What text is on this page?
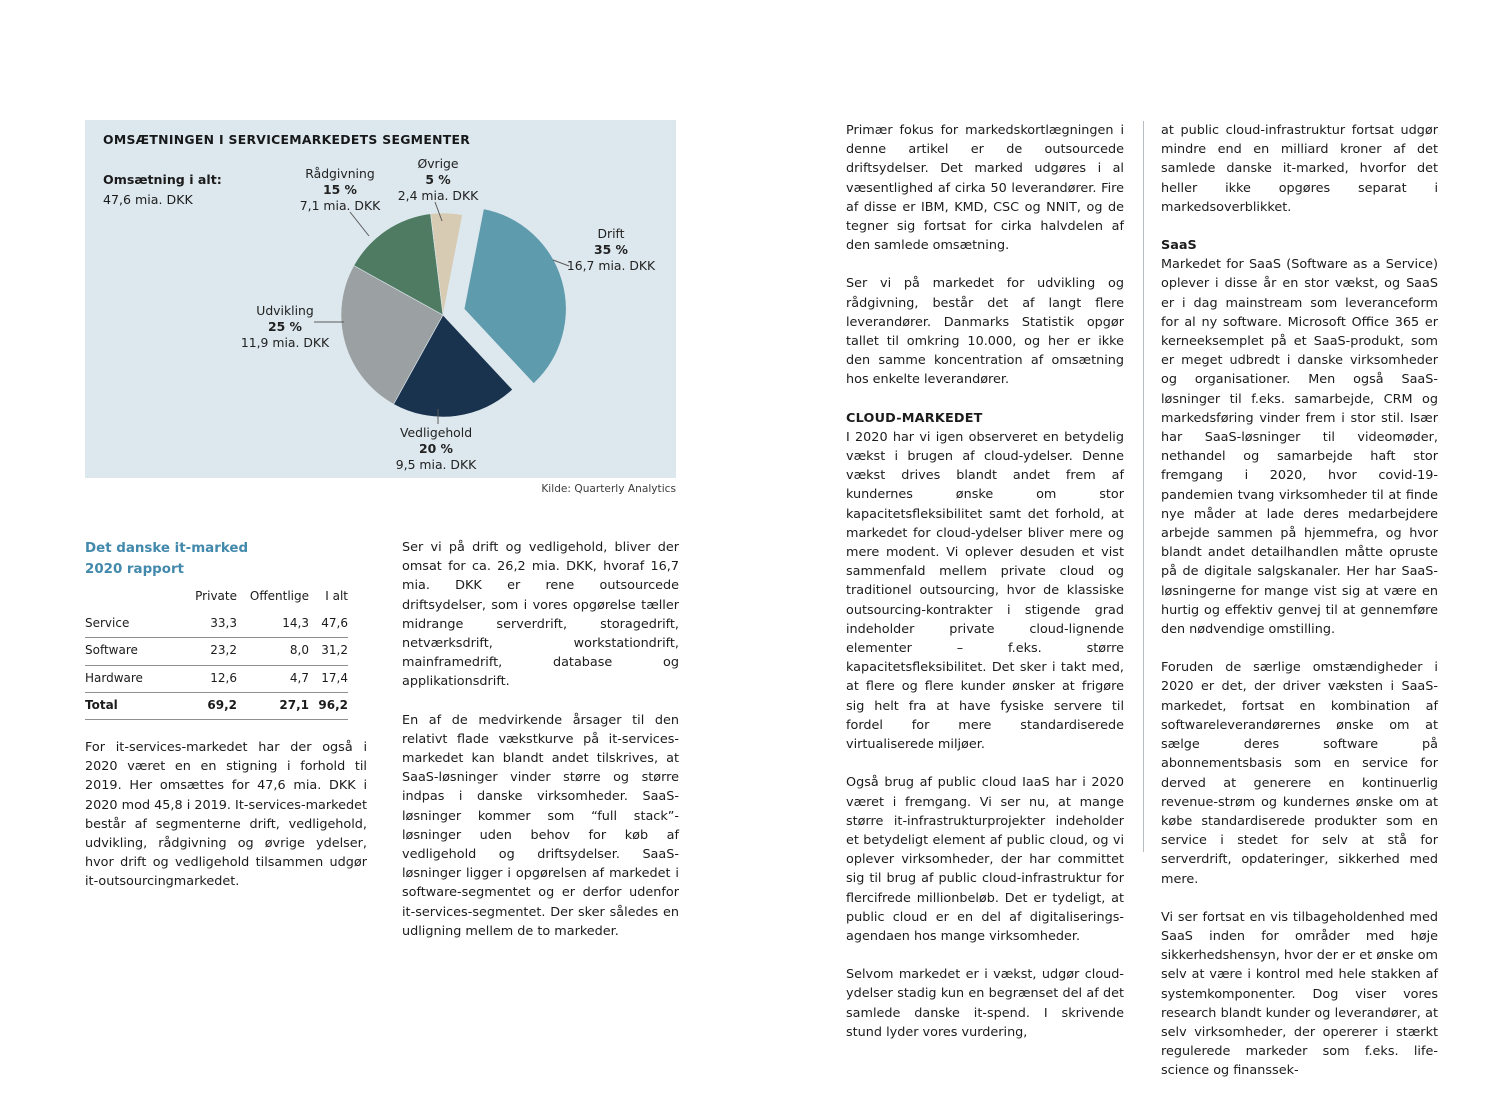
OMSÆTNINGEN I SERVICEMARKEDETS SEGMENTER
Omsætning i alt:
47,6 mia. DKK
Drift
35 %
16,7 mia. DKK
Vedligehold
20 %
9,5 mia. DKK
Udvikling
25 %
11,9 mia. DKK
Rådgivning
15 %
7,1 mia. DKK
Øvrige
5 %
2,4 mia. DKK
Kilde: Quarterly Analytics
Det danske it-marked
2020 rapport
	Private	Offentlige	I alt
Service	33,3	14,3	47,6
Software	23,2	8,0	31,2
Hardware	12,6	4,7	17,4
Total	69,2	27,1	96,2

For it-services-markedet har der også i 2020 været en en stigning i forhold til 2019. Her omsættes for 47,6 mia. DKK i 2020 mod 45,8 i 2019. It-services-markedet består af segmenterne drift, vedligehold, udvikling, rådgivning og øvrige ydelser, hvor drift og vedligehold tilsammen udgør it-outsourcingmarkedet.

Ser vi på drift og vedligehold, bliver der omsat for ca. 26,2 mia. DKK, hvoraf 16,7 mia. DKK er rene outsourcede driftsydelser, som i vores opgørelse tæller midrange serverdrift, storagedrift, netværksdrift, workstationdrift, mainframedrift, database og applikationsdrift.

En af de medvirkende årsager til den relativt flade vækstkurve på it-services-markedet kan blandt andet tilskrives, at SaaS-løsninger vinder større og større indpas i danske virksomheder. SaaS-løsninger kommer som “full stack”-løsninger uden behov for køb af vedligehold og driftsydelser. SaaS-løsninger ligger i opgørelsen af markedet i software-segmentet og er derfor udenfor it-services-segmentet. Der sker således en udligning mellem de to markeder.

Primær fokus for markedskortlægningen i denne artikel er de outsourcede driftsydelser. Det marked udgøres i al væsentlighed af cirka 50 leverandører. Fire af disse er IBM, KMD, CSC og NNIT, og de tegner sig fortsat for cirka halvdelen af den samlede omsætning.

Ser vi på markedet for udvikling og rådgivning, består det af langt flere leverandører. Danmarks Statistik opgør tallet til omkring 10.000, og her er ikke den samme koncentration af omsætning hos enkelte leverandører.

CLOUD-MARKEDET

I 2020 har vi igen observeret en betydelig vækst i brugen af cloud-ydelser. Denne vækst drives blandt andet frem af kundernes ønske om stor kapacitetsfleksibilitet samt det forhold, at markedet for cloud-ydelser bliver mere og mere modent. Vi oplever desuden et vist sammenfald mellem private cloud og traditionel outsourcing, hvor de klassiske outsourcing-kontrakter i stigende grad indeholder private cloud-lignende elementer – f.eks. større kapacitetsfleksibilitet. Det sker i takt med, at flere og flere kunder ønsker at frigøre sig helt fra at have fysiske servere til fordel for mere standardiserede virtualiserede miljøer.

Også brug af public cloud IaaS har i 2020 været i fremgang. Vi ser nu, at mange større it-infrastrukturprojekter indeholder et betydeligt element af public cloud, og vi oplever virksomheder, der har committet sig til brug af public cloud-infrastruktur for flercifrede millionbeløb. Det er tydeligt, at public cloud er en del af digitaliserings-agendaen hos mange virksomheder.

Selvom markedet er i vækst, udgør cloud-ydelser stadig kun en begrænset del af det samlede danske it-spend. I skrivende stund lyder vores vurdering,

at public cloud-infrastruktur fortsat udgør mindre end en milliard kroner af det samlede danske it-marked, hvorfor det heller ikke opgøres separat i markedsoverblikket.

SaaS

Markedet for SaaS (Software as a Service) oplever i disse år en stor vækst, og SaaS er i dag mainstream som leveranceform for al ny software. Microsoft Office 365 er kerneeksemplet på et SaaS-produkt, som er meget udbredt i danske virksomheder og organisationer. Men også SaaS-løsninger til f.eks. samarbejde, CRM og markedsføring vinder frem i stor stil. Især har SaaS-løsninger til videomøder, nethandel og samarbejde haft stor fremgang i 2020, hvor covid-19-pandemien tvang virksomheder til at finde nye måder at lade deres medarbejdere arbejde sammen på hjemmefra, og hvor blandt andet detailhandlen måtte opruste på de digitale salgskanaler. Her har SaaS-løsningerne for mange vist sig at være en hurtig og effektiv genvej til at gennemføre den nødvendige omstilling.

Foruden de særlige omstændigheder i 2020 er det, der driver væksten i SaaS-markedet, fortsat en kombination af softwareleverandørernes ønske om at sælge deres software på abonnementsbasis som en service for derved at generere en kontinuerlig revenue-strøm og kundernes ønske om at købe standardiserede produkter som en service i stedet for selv at stå for serverdrift, opdateringer, sikkerhed med mere.

Vi ser fortsat en vis tilbageholdenhed med SaaS inden for områder med høje sikkerhedshensyn, hvor der er et ønske om selv at være i kontrol med hele stakken af systemkomponenter. Dog viser vores research blandt kunder og leverandører, at selv virksomheder, der opererer i stærkt regulerede markeder som f.eks. life-science og finanssek-
